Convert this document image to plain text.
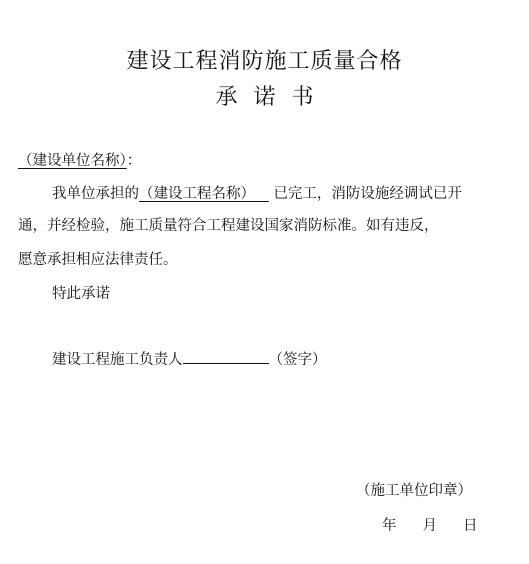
建设工程消防施工质量合格
承诺书
（建设单位名称）：
我单位承担的（建设工程名称） 已完工，消防设施经调试已开
通，并经检验，施工质量符合工程建设国家消防标准。如有违反，
愿意承担相应法律责任。
特此承诺
建设工程施工负责人	（签字）
（施工单位印章）
年 月 日
